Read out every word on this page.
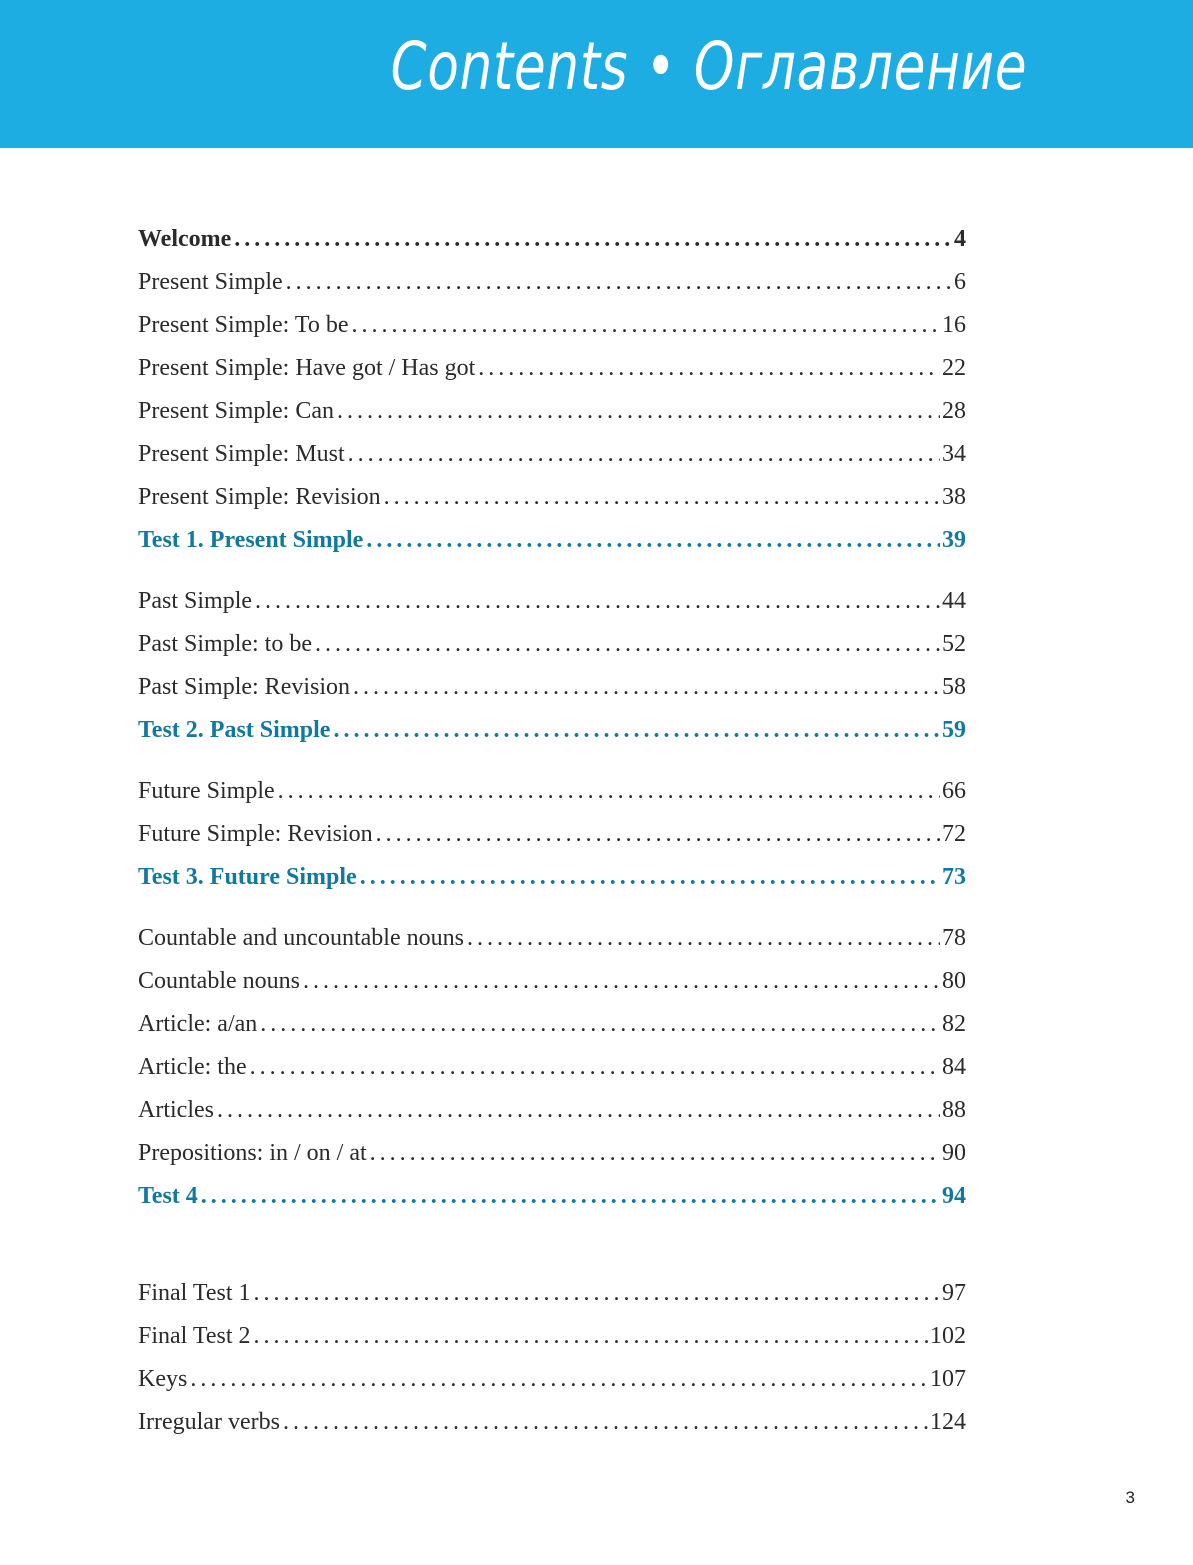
Contents • Оглавление
Welcome . . .	4
Present Simple . . .	6
Present Simple: To be . . .	16
Present Simple: Have got / Has got . . .	22
Present Simple: Can . . .	28
Present Simple: Must . . .	34
Present Simple: Revision . . .	38
Test 1. Present Simple . . .	39
Past Simple . . .	44
Past Simple: to be . . .	52
Past Simple: Revision . . .	58
Test 2. Past Simple . . .	59
Future Simple . . .	66
Future Simple: Revision . . .	72
Test 3. Future Simple . . .	73
Countable and uncountable nouns . . .	78
Countable nouns . . .	80
Article: a/an . . .	82
Article: the . . .	84
Articles . . .	88
Prepositions: in / on / at . . .	90
Test 4 . . .	94
Final Test 1 . . .	97
Final Test 2 . . .	102
Keys . . .	107
Irregular verbs . . .	124
3
